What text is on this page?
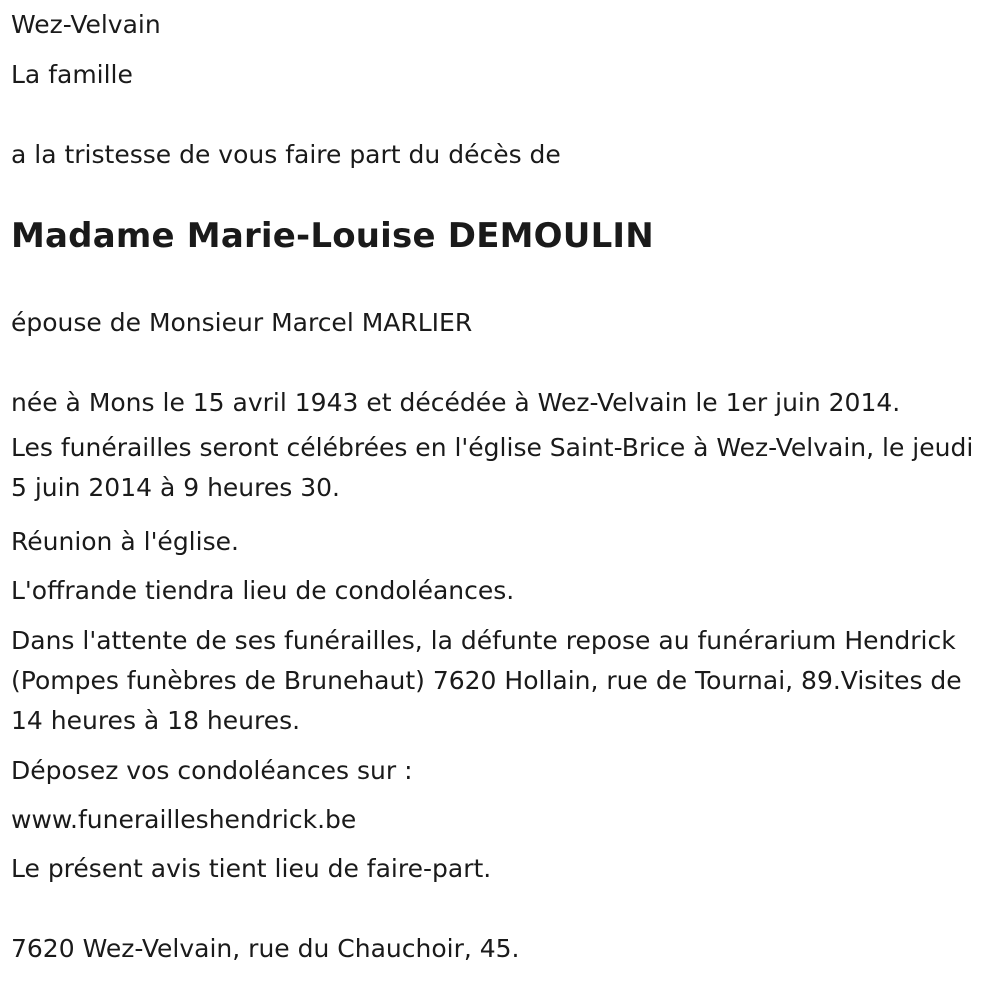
Wez-Velvain

La famille

a la tristesse de vous faire part du décès de

Madame Marie-Louise DEMOULIN

épouse de Monsieur Marcel MARLIER

née à Mons le 15 avril 1943 et décédée à Wez-Velvain le 1er juin 2014.

Les funérailles seront célébrées en l'église Saint-Brice à Wez-Velvain, le jeudi 5 juin 2014 à 9 heures 30.

Réunion à l'église.

L'offrande tiendra lieu de condoléances.

Dans l'attente de ses funérailles, la défunte repose au funérarium Hendrick (Pompes funèbres de Brunehaut) 7620 Hollain, rue de Tournai, 89.Visites de 14 heures à 18 heures.

Déposez vos condoléances sur :

www.funerailleshendrick.be

Le présent avis tient lieu de faire-part.

7620 Wez-Velvain, rue du Chauchoir, 45.
